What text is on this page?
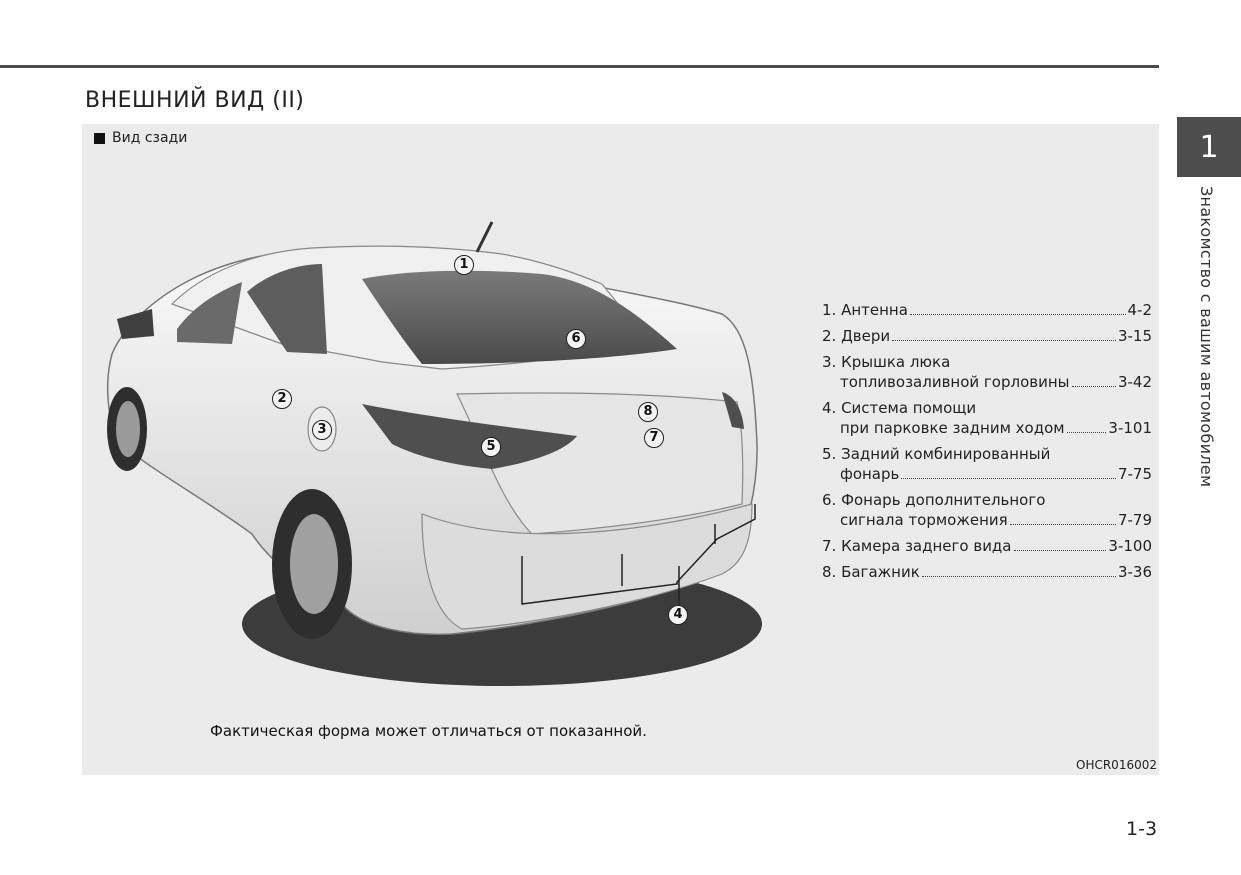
ВНЕШНИЙ ВИД (II)
Вид сзади
1
2
3
4
5
6
7
8
Фактическая форма может отличаться от показанной.
OHCR016002
1. Антенна	4-2
2. Двери	3-15
3. Крышка люка
топливозаливной горловины	3-42
4. Система помощи
при парковке задним ходом	3-101
5. Задний комбинированный
фонарь	7-75
6. Фонарь дополнительного
сигнала торможения	7-79
7. Камера заднего вида	3-100
8. Багажник	3-36
1
Знакомство с вашим автомобилем
1-3
